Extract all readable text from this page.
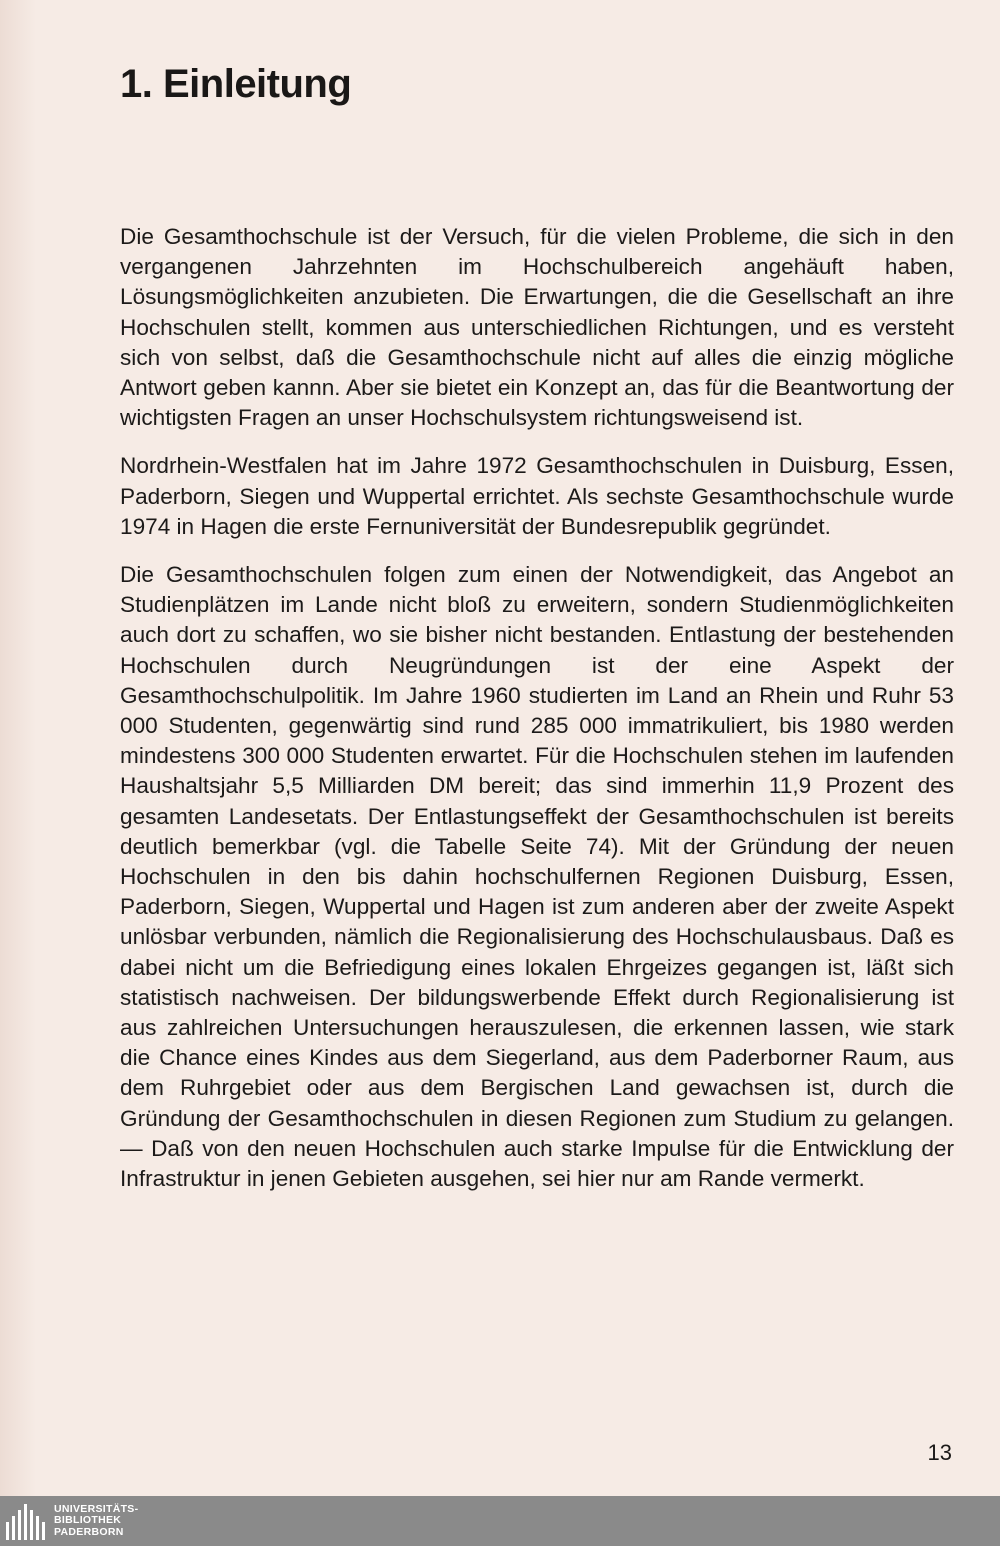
1. Einleitung

Die Gesamthochschule ist der Versuch, für die vielen Probleme, die sich in den vergangenen Jahrzehnten im Hochschulbereich angehäuft haben, Lösungsmöglichkeiten anzubieten. Die Erwartungen, die die Gesellschaft an ihre Hochschulen stellt, kommen aus unterschiedlichen Richtungen, und es versteht sich von selbst, daß die Gesamthochschule nicht auf alles die einzig mögliche Antwort geben kannn. Aber sie bietet ein Konzept an, das für die Beantwortung der wichtigsten Fragen an unser Hochschulsystem richtungsweisend ist.

Nordrhein-Westfalen hat im Jahre 1972 Gesamthochschulen in Duisburg, Essen, Paderborn, Siegen und Wuppertal errichtet. Als sechste Gesamthochschule wurde 1974 in Hagen die erste Fernuniversität der Bundesrepublik gegründet.

Die Gesamthochschulen folgen zum einen der Notwendigkeit, das Angebot an Studienplätzen im Lande nicht bloß zu erweitern, sondern Studienmöglichkeiten auch dort zu schaffen, wo sie bisher nicht bestanden. Entlastung der bestehenden Hochschulen durch Neugründungen ist der eine Aspekt der Gesamthochschulpolitik. Im Jahre 1960 studierten im Land an Rhein und Ruhr 53 000 Studenten, gegenwärtig sind rund 285 000 immatrikuliert, bis 1980 werden mindestens 300 000 Studenten erwartet. Für die Hochschulen stehen im laufenden Haushaltsjahr 5,5 Milliarden DM bereit; das sind immerhin 11,9 Prozent des gesamten Landesetats. Der Entlastungseffekt der Gesamthochschulen ist bereits deutlich bemerkbar (vgl. die Tabelle Seite 74). Mit der Gründung der neuen Hochschulen in den bis dahin hochschulfernen Regionen Duisburg, Essen, Paderborn, Siegen, Wuppertal und Hagen ist zum anderen aber der zweite Aspekt unlösbar verbunden, nämlich die Regionalisierung des Hochschulausbaus. Daß es dabei nicht um die Befriedigung eines lokalen Ehrgeizes gegangen ist, läßt sich statistisch nachweisen. Der bildungswerbende Effekt durch Regionalisierung ist aus zahlreichen Untersuchungen herauszulesen, die erkennen lassen, wie stark die Chance eines Kindes aus dem Siegerland, aus dem Paderborner Raum, aus dem Ruhrgebiet oder aus dem Bergischen Land gewachsen ist, durch die Gründung der Gesamthochschulen in diesen Regionen zum Studium zu gelangen. — Daß von den neuen Hochschulen auch starke Impulse für die Entwicklung der Infrastruktur in jenen Gebieten ausgehen, sei hier nur am Rande vermerkt.

13
UNIVERSITÄTS-
BIBLIOTHEK
PADERBORN
